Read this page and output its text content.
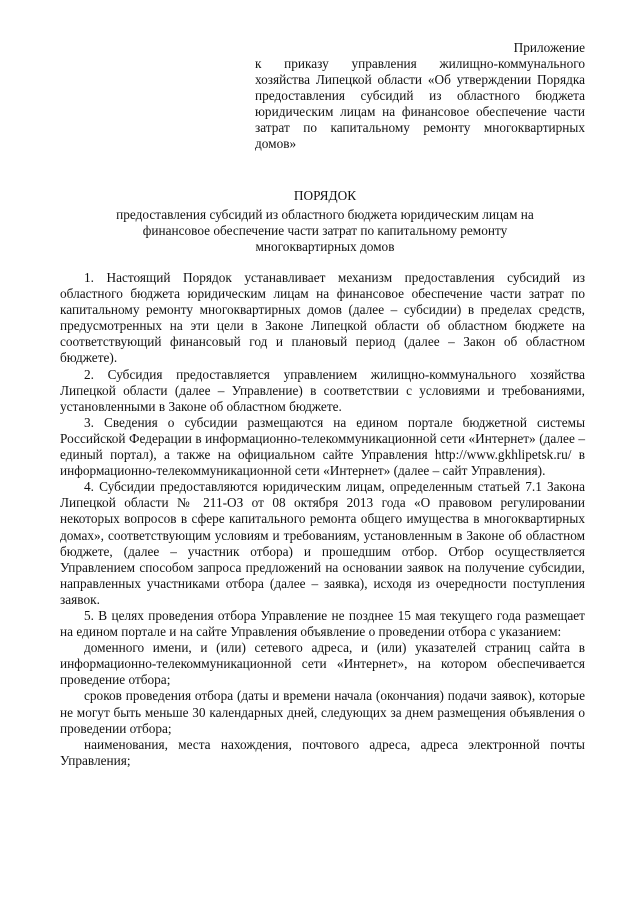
Приложение
к приказу управления жилищно-коммунального хозяйства Липецкой области «Об утверждении Порядка предоставления субсидий из областного бюджета юридическим лицам на финансовое обеспечение части затрат по капитальному ремонту многоквартирных домов»
ПОРЯДОК
предоставления субсидий из областного бюджета юридическим лицам на
финансовое обеспечение части затрат по капитальному ремонту
многоквартирных домов

1. Настоящий Порядок устанавливает механизм предоставления субсидий из областного бюджета юридическим лицам на финансовое обеспечение части затрат по капитальному ремонту многоквартирных домов (далее – субсидии) в пределах средств, предусмотренных на эти цели в Законе Липецкой области об областном бюджете на соответствующий финансовый год и плановый период (далее – Закон об областном бюджете).

2. Субсидия предоставляется управлением жилищно-коммунального хозяйства Липецкой области (далее – Управление) в соответствии с условиями и требованиями, установленными в Законе об областном бюджете.

3. Сведения о субсидии размещаются на едином портале бюджетной системы Российской Федерации в информационно-телекоммуникационной сети «Интернет» (далее – единый портал), а также на официальном сайте Управления http://www.gkhlipetsk.ru/ в информационно-телекоммуникационной сети «Интернет» (далее – сайт Управления).

4. Субсидии предоставляются юридическим лицам, определенным статьей 7.1 Закона Липецкой области № 211-ОЗ от 08 октября 2013 года «О правовом регулировании некоторых вопросов в сфере капитального ремонта общего имущества в многоквартирных домах», соответствующим условиям и требованиям, установленным в Законе об областном бюджете, (далее – участник отбора) и прошедшим отбор. Отбор осуществляется Управлением способом запроса предложений на основании заявок на получение субсидии, направленных участниками отбора (далее – заявка), исходя из очередности поступления заявок.

5. В целях проведения отбора Управление не позднее 15 мая текущего года размещает на едином портале и на сайте Управления объявление о проведении отбора с указанием:

доменного имени, и (или) сетевого адреса, и (или) указателей страниц сайта в информационно-телекоммуникационной сети «Интернет», на котором обеспечивается проведение отбора;

сроков проведения отбора (даты и времени начала (окончания) подачи заявок), которые не могут быть меньше 30 календарных дней, следующих за днем размещения объявления о проведении отбора;

наименования, места нахождения, почтового адреса, адреса электронной почты Управления;
